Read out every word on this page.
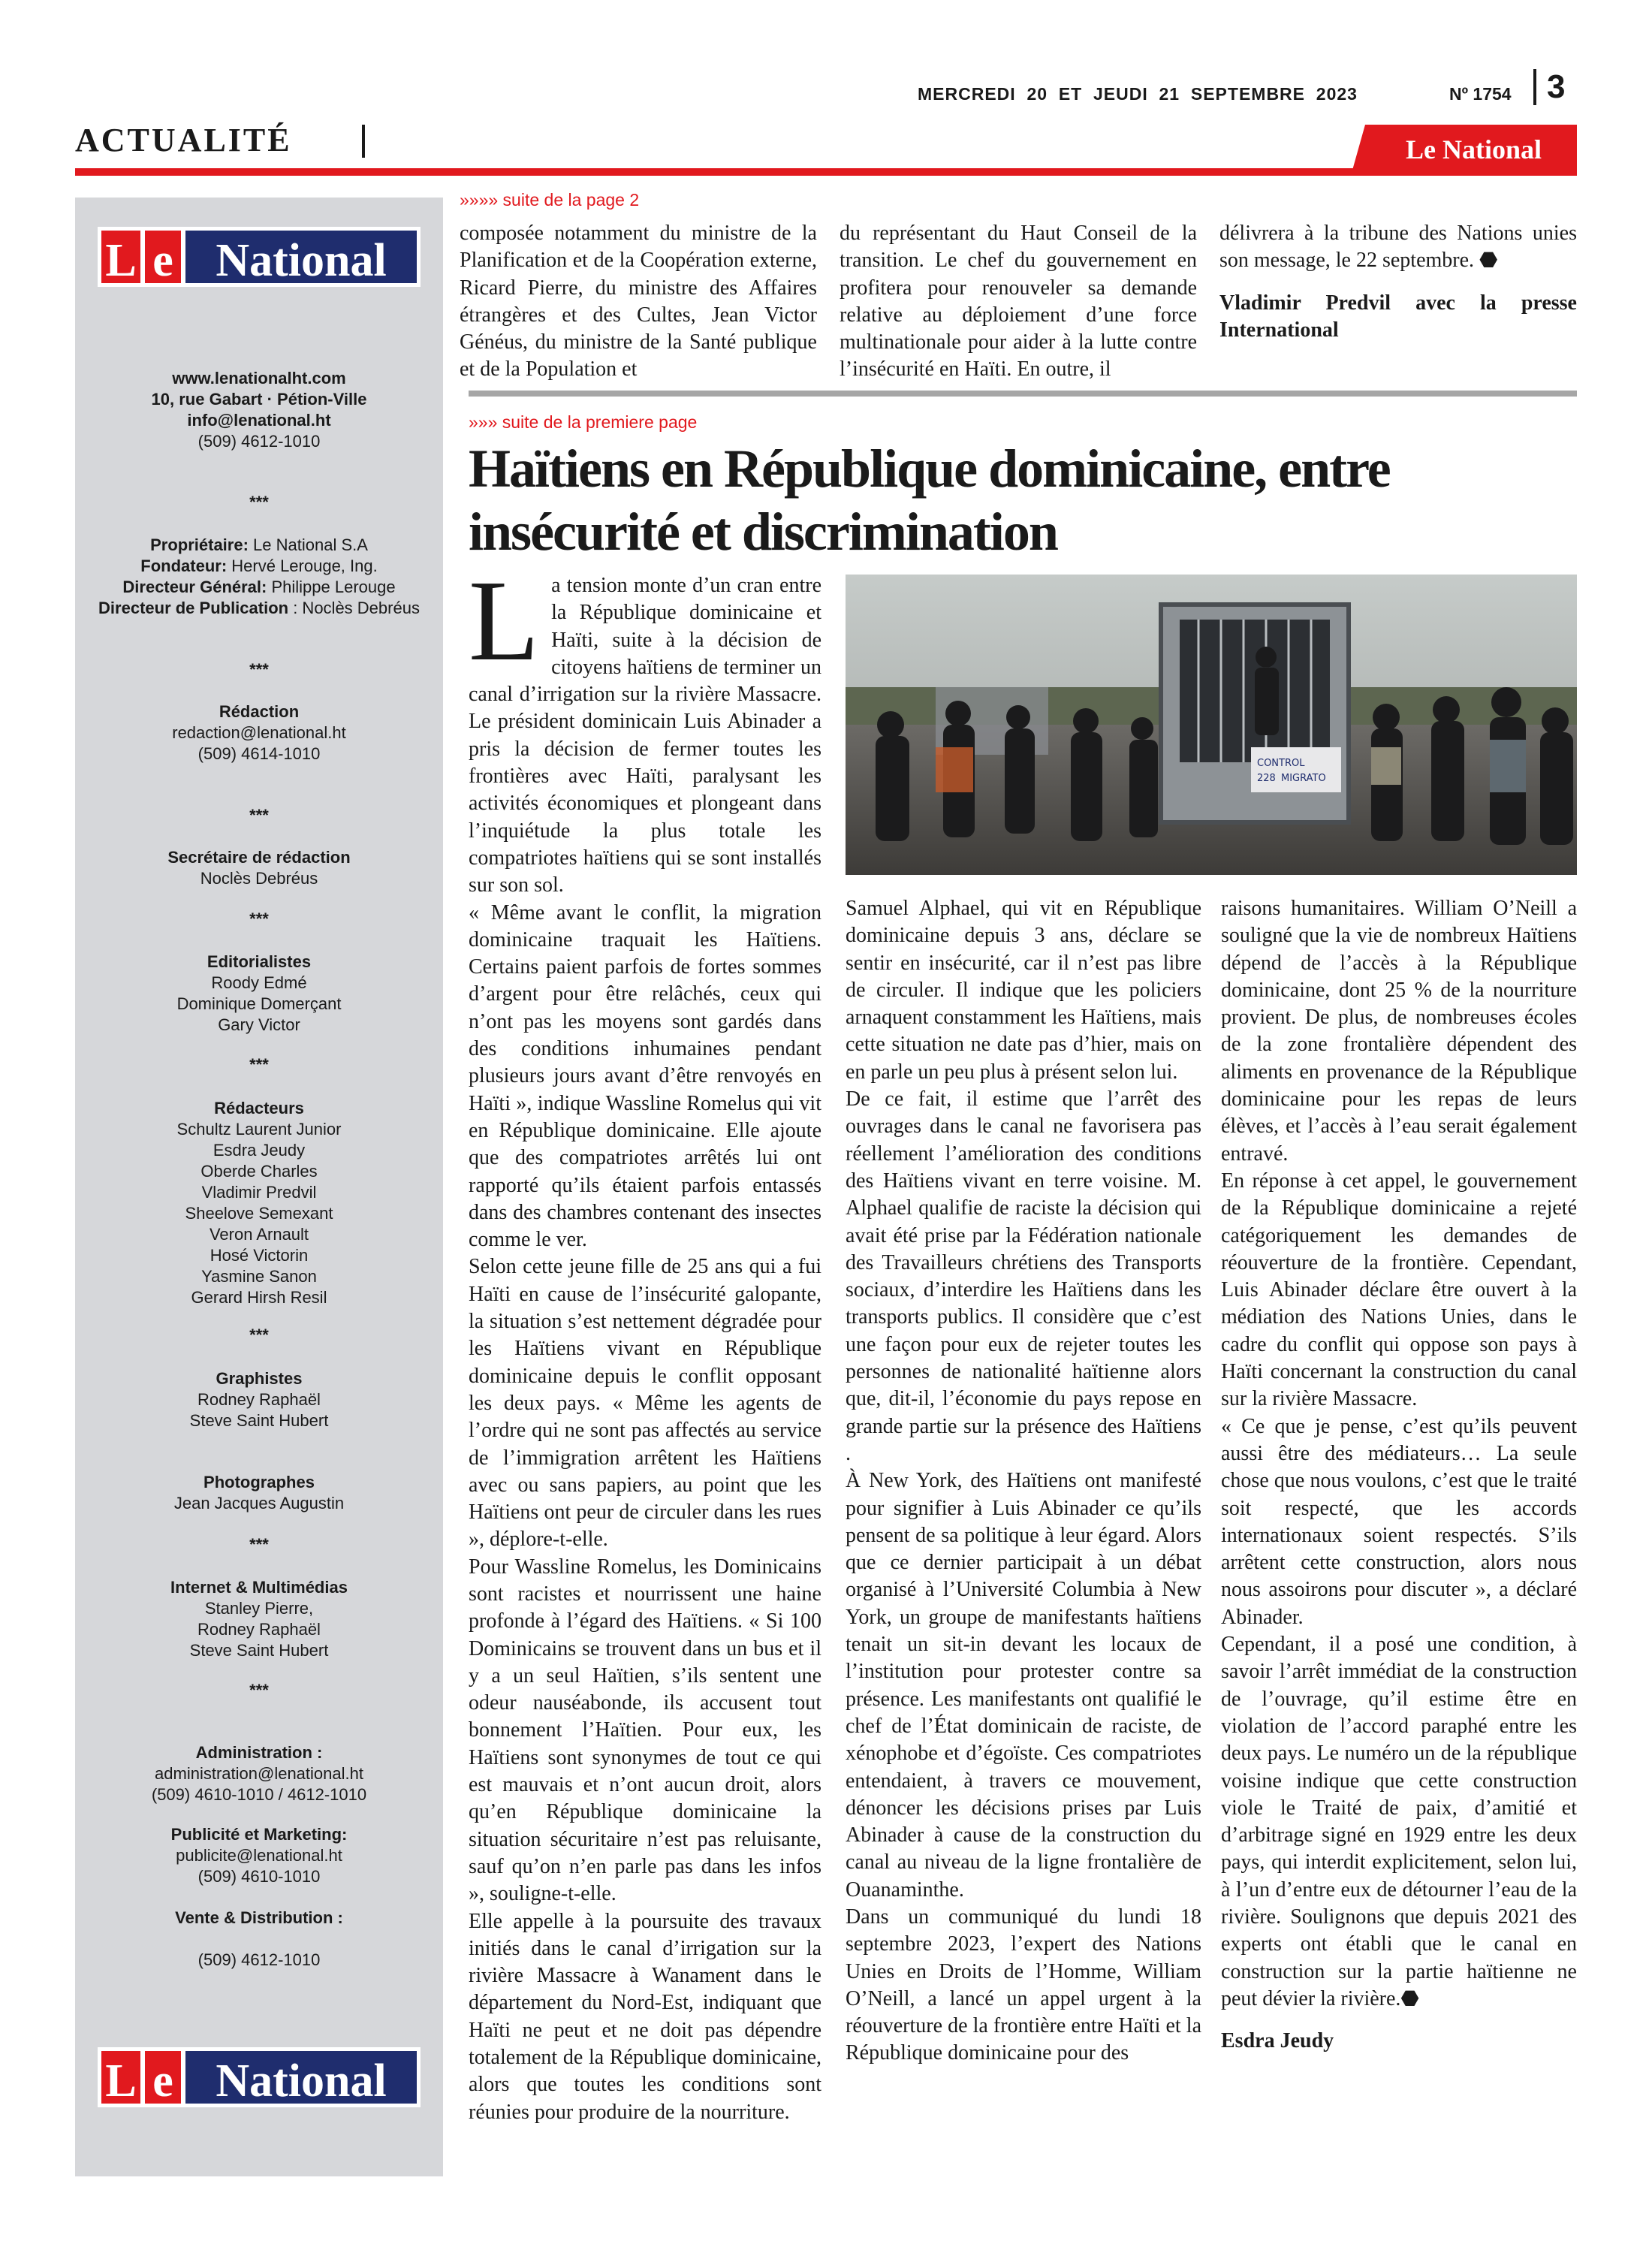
MERCREDI  20  ET  JEUDI  21  SEPTEMBRE  2023	Nº 1754	3
ACTUALITÉ	Le National
L e National
www.lenationalht.com
10, rue Gabart · Pétion-Ville
info@lenational.ht
(509) 4612-1010
***
Propriétaire: Le National S.A
Fondateur: Hervé Lerouge, Ing.
Directeur Général: Philippe Lerouge
Directeur de Publication : Noclès Debréus
***
Rédaction
redaction@lenational.ht
(509) 4614-1010
***
Secrétaire de rédaction
Noclès Debréus
***
Editorialistes
Roody Edmé
Dominique Domerçant
Gary Victor
***
Rédacteurs
Schultz Laurent Junior
Esdra Jeudy
Oberde Charles
Vladimir Predvil
Sheelove Semexant
Veron Arnault
Hosé Victorin
Yasmine Sanon
Gerard Hirsh Resil
***
Graphistes
Rodney Raphaël
Steve Saint Hubert
Photographes
Jean Jacques Augustin
***
Internet & Multimédias
Stanley Pierre,
Rodney Raphaël
Steve Saint Hubert
***
Administration :
administration@lenational.ht
(509) 4610-1010 / 4612-1010
Publicité et Marketing:
publicite@lenational.ht
(509) 4610-1010
Vente & Distribution :
(509) 4612-1010
L e National
»»»» suite de la page 2
composée notamment du ministre de la Planification et de la Coopération externe, Ricard Pierre, du ministre des Affaires étrangères et des Cultes, Jean Victor Généus, du ministre de la Santé publique et de la Population et
du représentant du Haut Conseil de la transition. Le chef du gouvernement en profitera pour renouveler sa demande relative au déploiement d’une force multinationale pour aider à la lutte contre l’insécurité en Haïti. En outre, il
délivrera à la tribune des Nations unies son message, le 22 septembre. ⬣
Vladimir Predvil avec la presse International
»»» suite de la premiere page
Haïtiens en République dominicaine, entre insécurité et discrimination
La tension monte d’un cran entre la République dominicaine et Haïti, suite à la décision de citoyens haïtiens de terminer un canal d’irrigation sur la rivière Massacre. Le président dominicain Luis Abinader a pris la décision de fermer toutes les frontières avec Haïti, paralysant les activités économiques et plongeant dans l’inquiétude la plus totale les compatriotes haïtiens qui se sont installés sur son sol.
« Même avant le conflit, la migration dominicaine traquait les Haïtiens. Certains paient parfois de fortes sommes d’argent pour être relâchés, ceux qui n’ont pas les moyens sont gardés dans des conditions inhumaines pendant plusieurs jours avant d’être renvoyés en Haïti », indique Wassline Romelus qui vit en République dominicaine. Elle ajoute que des compatriotes arrêtés lui ont rapporté qu’ils étaient parfois entassés dans des chambres contenant des insectes comme le ver.
Selon cette jeune fille de 25 ans qui a fui Haïti en cause de l’insécurité galopante, la situation s’est nettement dégradée pour les Haïtiens vivant en République dominicaine depuis le conflit opposant les deux pays. « Même les agents de l’ordre qui ne sont pas affectés au service de l’immigration arrêtent les Haïtiens avec ou sans papiers, au point que les Haïtiens ont peur de circuler dans les rues », déplore-t-elle.
Pour Wassline Romelus, les Dominicains sont racistes et nourrissent une haine profonde à l’égard des Haïtiens. « Si 100 Dominicains se trouvent dans un bus et il y a un seul Haïtien, s’ils sentent une odeur nauséabonde, ils accusent tout bonnement l’Haïtien. Pour eux, les Haïtiens sont synonymes de tout ce qui est mauvais et n’ont aucun droit, alors qu’en République dominicaine la situation sécuritaire n’est pas reluisante, sauf qu’on n’en parle pas dans les infos », souligne-t-elle.
Elle appelle à la poursuite des travaux initiés dans le canal d’irrigation sur la rivière Massacre à Wanament dans le département du Nord-Est, indiquant que Haïti ne peut et ne doit pas dépendre totalement de la République dominicaine, alors que toutes les conditions sont réunies pour produire de la nourriture.
CONTROL
228 MIGRATO
Samuel Alphael, qui vit en République dominicaine depuis 3 ans, déclare se sentir en insécurité, car il n’est pas libre de circuler. Il indique que les policiers arnaquent constamment les Haïtiens, mais cette situation ne date pas d’hier, mais on en parle un peu plus à présent selon lui.
De ce fait, il estime que l’arrêt des ouvrages dans le canal ne favorisera pas réellement l’amélioration des conditions des Haïtiens vivant en terre voisine. M. Alphael qualifie de raciste la décision qui avait été prise par la Fédération nationale des Travailleurs chrétiens des Transports sociaux, d’interdire les Haïtiens dans les transports publics. Il considère que c’est une façon pour eux de rejeter toutes les personnes de nationalité haïtienne alors que, dit-il, l’économie du pays repose en grande partie sur la présence des Haïtiens .
À New York, des Haïtiens ont manifesté pour signifier à Luis Abinader ce qu’ils pensent de sa politique à leur égard. Alors que ce dernier participait à un débat organisé à l’Université Columbia à New York, un groupe de manifestants haïtiens tenait un sit-in devant les locaux de l’institution pour protester contre sa présence. Les manifestants ont qualifié le chef de l’État dominicain de raciste, de xénophobe et d’égoïste. Ces compatriotes entendaient, à travers ce mouvement, dénoncer les décisions prises par Luis Abinader à cause de la construction du canal au niveau de la ligne frontalière de Ouanaminthe.
Dans un communiqué du lundi 18 septembre 2023, l’expert des Nations Unies en Droits de l’Homme, William O’Neill, a lancé un appel urgent à la réouverture de la frontière entre Haïti et la République dominicaine pour des
raisons humanitaires. William O’Neill a souligné que la vie de nombreux Haïtiens dépend de l’accès à la République dominicaine, dont 25 % de la nourriture provient. De plus, de nombreuses écoles de la zone frontalière dépendent des aliments en provenance de la République dominicaine pour les repas de leurs élèves, et l’accès à l’eau serait également entravé.
En réponse à cet appel, le gouvernement de la République dominicaine a rejeté catégoriquement les demandes de réouverture de la frontière. Cependant, Luis Abinader déclare être ouvert à la médiation des Nations Unies, dans le cadre du conflit qui oppose son pays à Haïti concernant la construction du canal sur la rivière Massacre.
« Ce que je pense, c’est qu’ils peuvent aussi être des médiateurs… La seule chose que nous voulons, c’est que le traité soit respecté, que les accords internationaux soient respectés. S’ils arrêtent cette construction, alors nous nous assoirons pour discuter », a déclaré Abinader.
Cependant, il a posé une condition, à savoir l’arrêt immédiat de la construction de l’ouvrage, qu’il estime être en violation de l’accord paraphé entre les deux pays. Le numéro un de la république voisine indique que cette construction viole le Traité de paix, d’amitié et d’arbitrage signé en 1929 entre les deux pays, qui interdit explicitement, selon lui, à l’un d’entre eux de détourner l’eau de la rivière. Soulignons que depuis 2021 des experts ont établi que le canal en construction sur la partie haïtienne ne peut dévier la rivière.⬣
Esdra Jeudy
